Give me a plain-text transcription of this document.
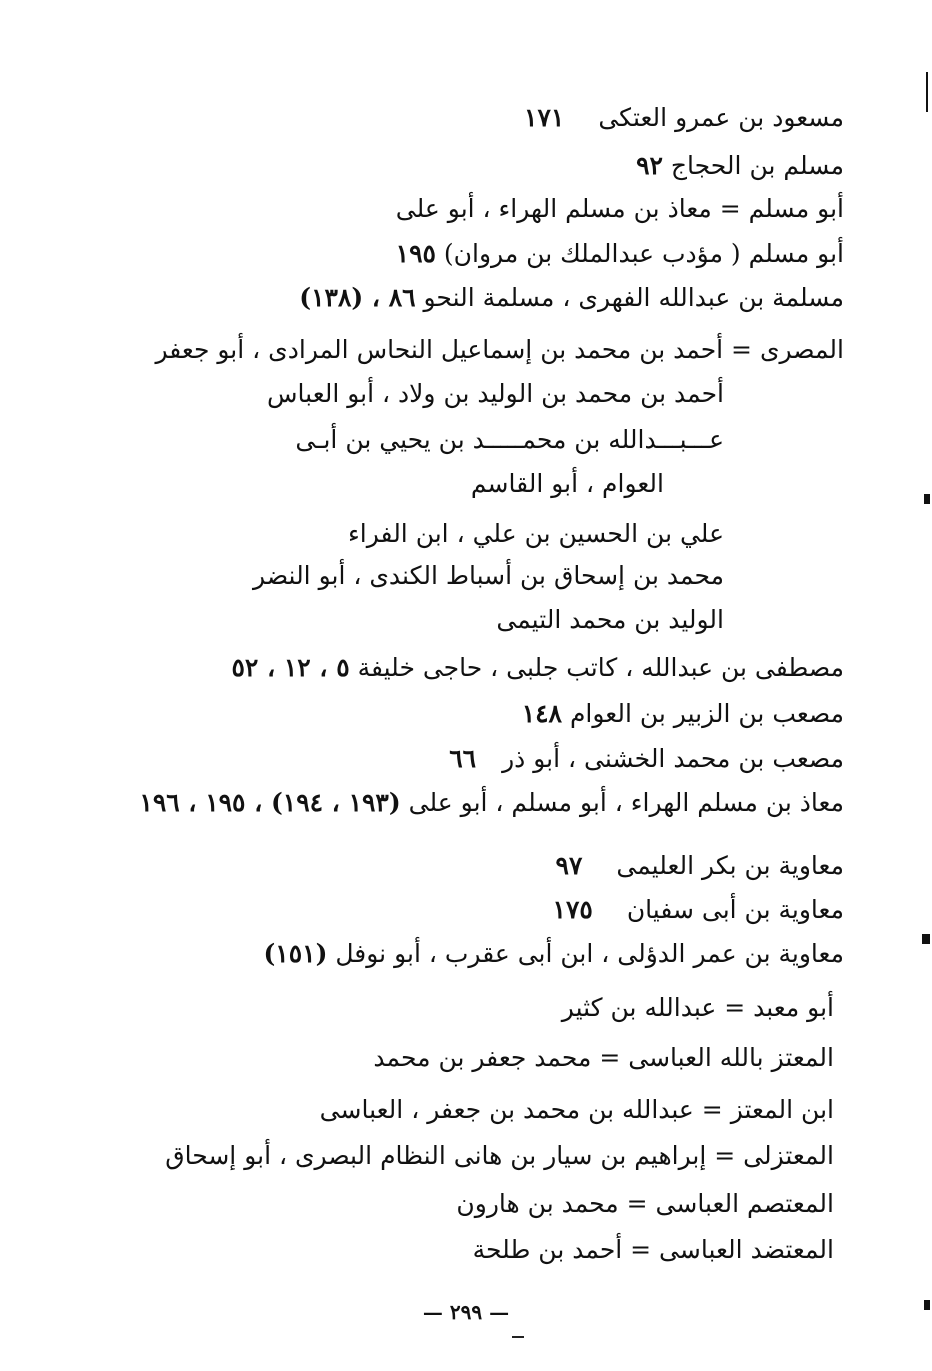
مسعود بن عمرو العتكى١٧١
مسلم بن الحجاج ٩٢
أبو مسلم = معاذ بن مسلم الهراء ، أبو على
أبو مسلم ( مؤدب عبدالملك بن مروان) ١٩٥
مسلمة بن عبدالله الفهرى ، مسلمة النحو ٨٦ ، (١٣٨)
المصرى = أحمد بن محمد بن إسماعيل النحاس المرادى ، أبو جعفر
أحمد بن محمد بن الوليد بن ولاد ، أبو العباس
عـــبـــدالله بن محمـــــد بن يحيي بن أبـى
العوام ، أبو القاسم
علي بن الحسين بن علي ، ابن الفراء
محمد بن إسحاق بن أسباط الكندى ، أبو النضر
الوليد بن محمد التيمى
مصطفى بن عبدالله ، كاتب جلبى ، حاجى خليفة ٥ ، ١٢ ، ٥٢
مصعب بن الزبير بن العوام ١٤٨
مصعب بن محمد الخشنى ، أبو ذر٦٦
معاذ بن مسلم الهراء ، أبو مسلم ، أبو على (١٩٣ ، ١٩٤) ، ١٩٥ ، ١٩٦
معاوية بن بكر العليمى٩٧
معاوية بن أبى سفيان١٧٥
معاوية بن عمر الدؤلى ، ابن أبى عقرب ، أبو نوفل (١٥١)
أبو معبد = عبدالله بن كثير
المعتز بالله العباسى = محمد جعفر بن محمد
ابن المعتز = عبدالله بن محمد بن جعفر ، العباسى
المعتزلى = إبراهيم بن سيار بن هانى النظام البصرى ، أبو إسحاق
المعتصم العباسى = محمد بن هارون
المعتضد العباسى = أحمد بن طلحة
— ٢٩٩ —
